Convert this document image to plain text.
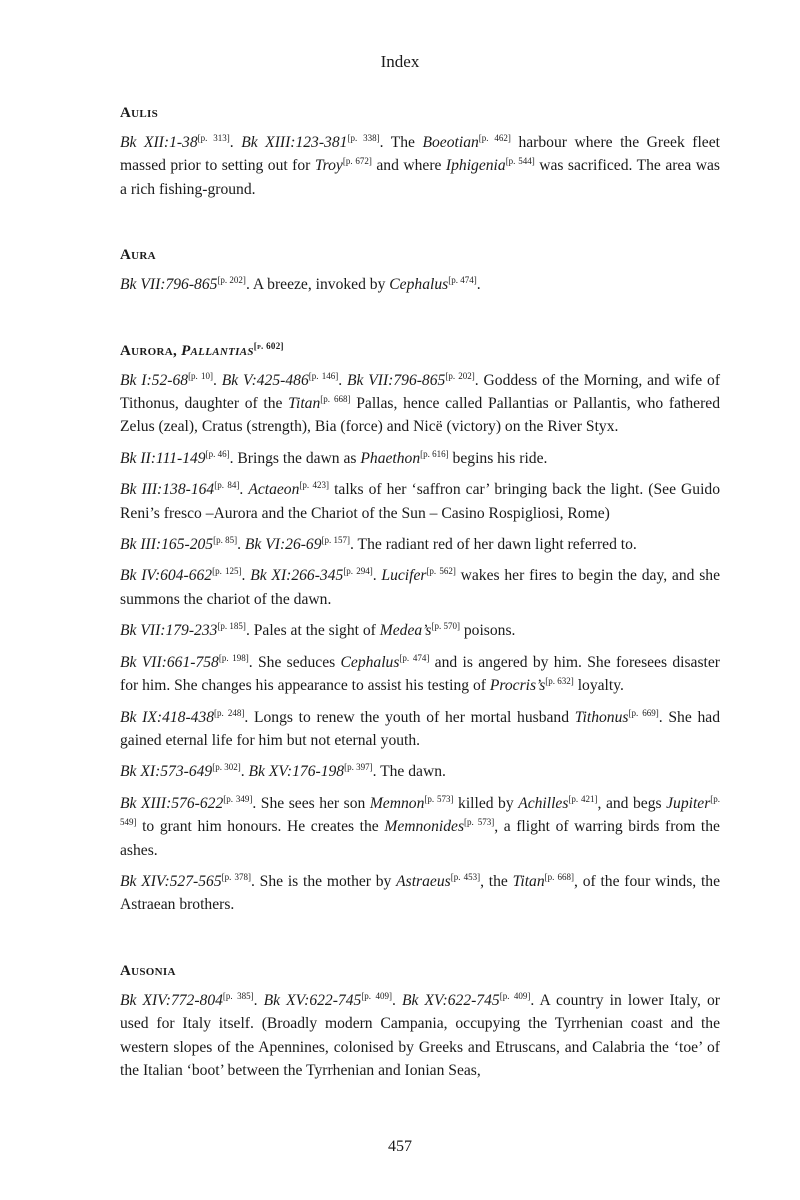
Index
Aulis

Bk XII:1-38[p. 313]. Bk XIII:123-381[p. 338]. The Boeotian[p. 462] harbour where the Greek fleet massed prior to setting out for Troy[p. 672] and where Iphigenia[p. 544] was sacrificed. The area was a rich fishing-ground.

Aura

Bk VII:796-865[p. 202]. A breeze, invoked by Cephalus[p. 474].

Aurora, Pallantias[p. 602]

Bk I:52-68[p. 10]. Bk V:425-486[p. 146]. Bk VII:796-865[p. 202]. Goddess of the Morning, and wife of Tithonus, daughter of the Titan[p. 668] Pallas, hence called Pallantias or Pallantis, who fathered Zelus (zeal), Cratus (strength), Bia (force) and Nicë (victory) on the River Styx.

Bk II:111-149[p. 46]. Brings the dawn as Phaethon[p. 616] begins his ride.

Bk III:138-164[p. 84]. Actaeon[p. 423] talks of her ‘saffron car’ bringing back the light. (See Guido Reni’s fresco –Aurora and the Chariot of the Sun – Casino Rospigliosi, Rome)

Bk III:165-205[p. 85]. Bk VI:26-69[p. 157]. The radiant red of her dawn light referred to.

Bk IV:604-662[p. 125]. Bk XI:266-345[p. 294]. Lucifer[p. 562] wakes her fires to begin the day, and she summons the chariot of the dawn.

Bk VII:179-233[p. 185]. Pales at the sight of Medea’s[p. 570] poisons.

Bk VII:661-758[p. 198]. She seduces Cephalus[p. 474] and is angered by him. She foresees disaster for him. She changes his appearance to assist his testing of Procris’s[p. 632] loyalty.

Bk IX:418-438[p. 248]. Longs to renew the youth of her mortal husband Tithonus[p. 669]. She had gained eternal life for him but not eternal youth.

Bk XI:573-649[p. 302]. Bk XV:176-198[p. 397]. The dawn.

Bk XIII:576-622[p. 349]. She sees her son Memnon[p. 573] killed by Achilles[p. 421], and begs Jupiter[p. 549] to grant him honours. He creates the Memnonides[p. 573], a flight of warring birds from the ashes.

Bk XIV:527-565[p. 378]. She is the mother by Astraeus[p. 453], the Titan[p. 668], of the four winds, the Astraean brothers.

Ausonia

Bk XIV:772-804[p. 385]. Bk XV:622-745[p. 409]. Bk XV:622-745[p. 409]. A country in lower Italy, or used for Italy itself. (Broadly modern Campania, occupying the Tyrrhenian coast and the western slopes of the Apennines, colonised by Greeks and Etruscans, and Calabria the ‘toe’ of the Italian ‘boot’ between the Tyrrhenian and Ionian Seas,

457
